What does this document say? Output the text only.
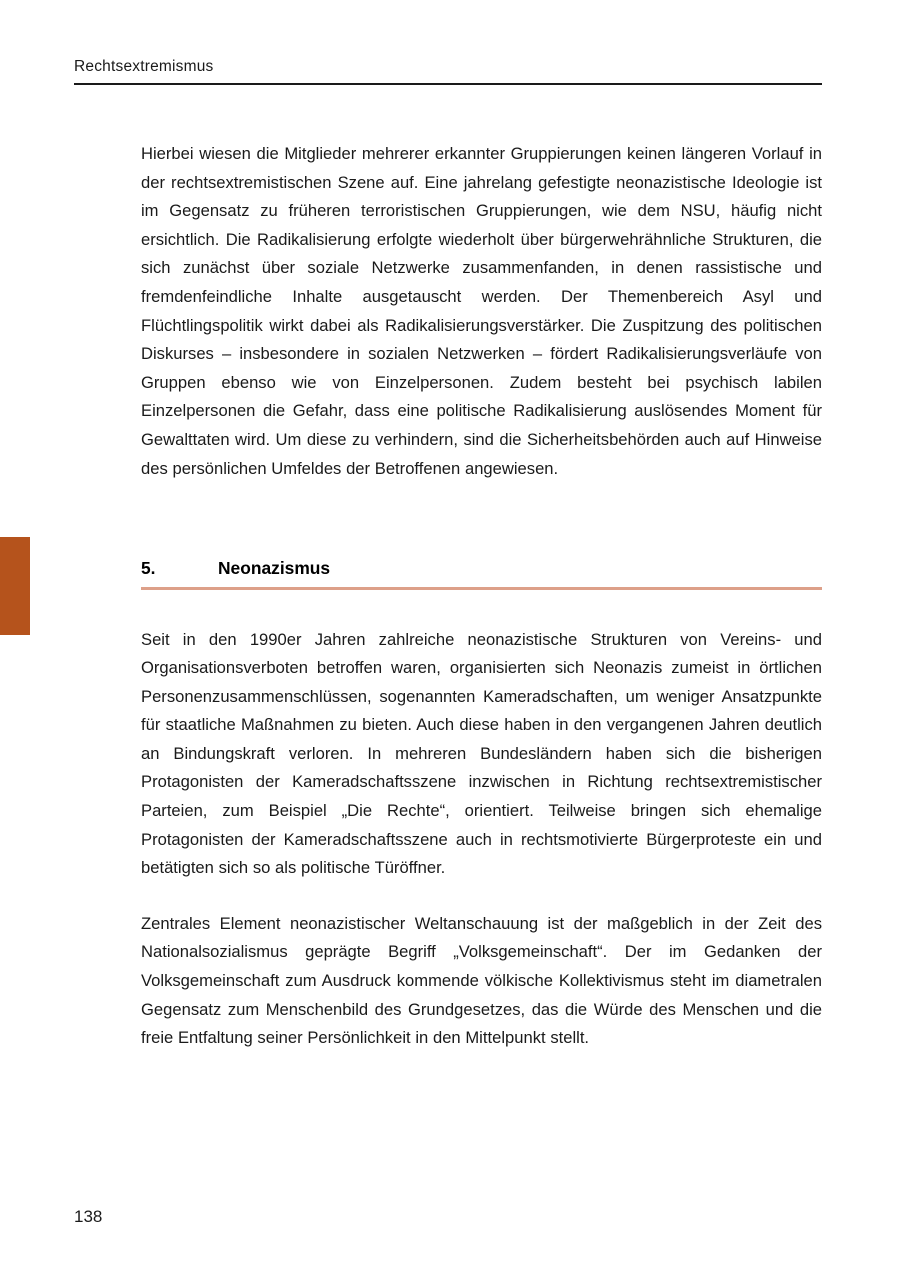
Rechtsextremismus

Hierbei wiesen die Mitglieder mehrerer erkannter Gruppierungen keinen längeren Vorlauf in der rechtsextremistischen Szene auf. Eine jahrelang gefestigte neonazistische Ideologie ist im Gegensatz zu früheren terroristischen Gruppierungen, wie dem NSU, häufig nicht ersichtlich. Die Radikalisierung erfolgte wiederholt über bürgerwehrähnliche Strukturen, die sich zunächst über soziale Netzwerke zusammenfanden, in denen rassistische und fremdenfeindliche Inhalte ausgetauscht werden. Der Themenbereich Asyl und Flüchtlingspolitik wirkt dabei als Radikalisierungsverstärker. Die Zuspitzung des politischen Diskurses – insbesondere in sozialen Netzwerken – fördert Radikalisierungsverläufe von Gruppen ebenso wie von Einzelpersonen. Zudem besteht bei psychisch labilen Einzelpersonen die Gefahr, dass eine politische Radikalisierung auslösendes Moment für Gewalttaten wird. Um diese zu verhindern, sind die Sicherheitsbehörden auch auf Hinweise des persönlichen Umfeldes der Betroffenen angewiesen.

5.	Neonazismus

Seit in den 1990er Jahren zahlreiche neonazistische Strukturen von Vereins- und Organisationsverboten betroffen waren, organisierten sich Neonazis zumeist in örtlichen Personenzusammenschlüssen, sogenannten Kameradschaften, um weniger Ansatzpunkte für staatliche Maßnahmen zu bieten. Auch diese haben in den vergangenen Jahren deutlich an Bindungskraft verloren. In mehreren Bundesländern haben sich die bisherigen Protagonisten der Kameradschaftsszene inzwischen in Richtung rechtsextremistischer Parteien, zum Beispiel „Die Rechte“, orientiert. Teilweise bringen sich ehemalige Protagonisten der Kameradschaftsszene auch in rechtsmotivierte Bürgerproteste ein und betätigten sich so als politische Türöffner.

Zentrales Element neonazistischer Weltanschauung ist der maßgeblich in der Zeit des Nationalsozialismus geprägte Begriff „Volksgemeinschaft“. Der im Gedanken der Volksgemeinschaft zum Ausdruck kommende völkische Kollektivismus steht im diametralen Gegensatz zum Menschenbild des Grundgesetzes, das die Würde des Menschen und die freie Entfaltung seiner Persönlichkeit in den Mittelpunkt stellt.

138
